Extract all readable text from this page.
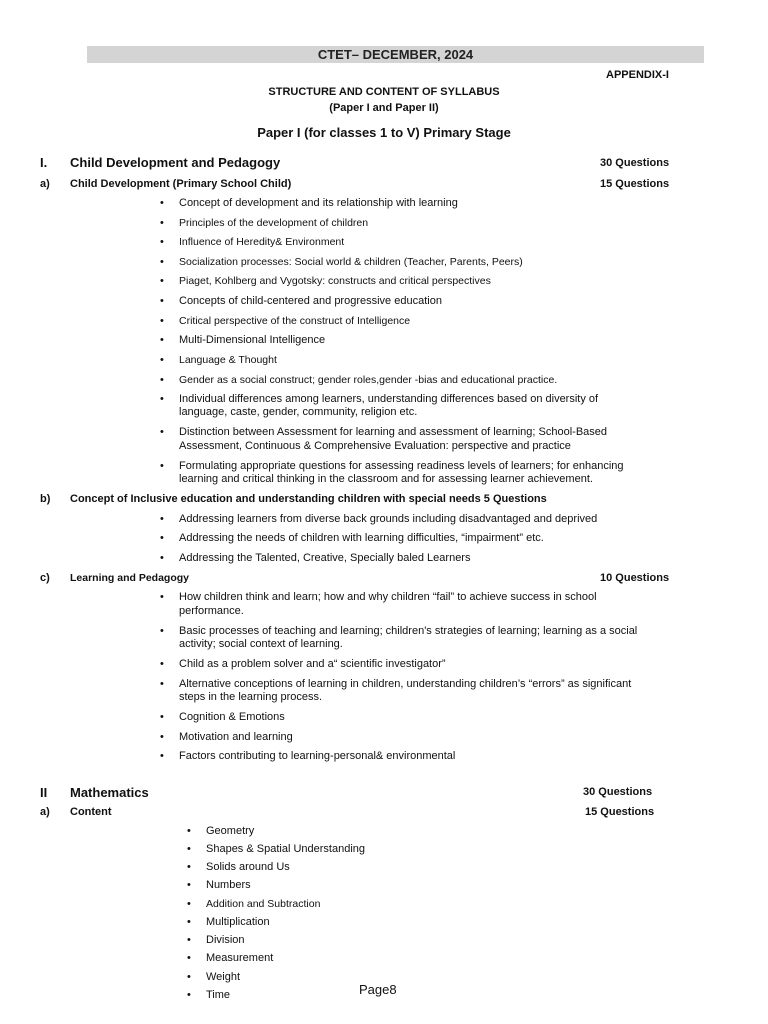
CTET– DECEMBER, 2024
APPENDIX-I
STRUCTURE AND CONTENT OF SYLLABUS
(Paper I and Paper II)
Paper I (for classes 1 to V) Primary Stage
I. Child Development and Pedagogy	30 Questions
a) Child Development (Primary School Child)	15 Questions
• Concept of development and its relationship with learning
• Principles of the development of children
• Influence of Heredity& Environment
• Socialization processes: Social world & children (Teacher, Parents, Peers)
• Piaget, Kohlberg and Vygotsky: constructs and critical perspectives
• Concepts of child-centered and progressive education
• Critical perspective of the construct of Intelligence
• Multi-Dimensional Intelligence
• Language & Thought
• Gender as a social construct; gender roles,gender -bias and educational practice.
• Individual differences among learners, understanding differences based on diversity of
language, caste, gender, community, religion etc.
• Distinction between Assessment for learning and assessment of learning; School-Based
Assessment, Continuous & Comprehensive Evaluation: perspective and practice
• Formulating appropriate questions for assessing readiness levels of learners; for enhancing
learning and critical thinking in the classroom and for assessing learner achievement.
b) Concept of Inclusive education and understanding children with special needs 5 Questions
• Addressing learners from diverse back grounds including disadvantaged and deprived
• Addressing the needs of children with learning difficulties, “impairment” etc.
• Addressing the Talented, Creative, Specially baled Learners
c) Learning and Pedagogy	10 Questions
• How children think and learn; how and why children “fail” to achieve success in school
performance.
• Basic processes of teaching and learning; children's strategies of learning; learning as a social
activity; social context of learning.
• Child as a problem solver and a“ scientific investigator”
• Alternative conceptions of learning in children, understanding children’s “errors” as significant
steps in the learning process.
• Cognition & Emotions
• Motivation and learning
• Factors contributing to learning-personal& environmental
II Mathematics	30 Questions
a) Content	15 Questions
• Geometry
• Shapes & Spatial Understanding
• Solids around Us
• Numbers
• Addition and Subtraction
• Multiplication
• Division
• Measurement
• Weight
• Time	Page8
